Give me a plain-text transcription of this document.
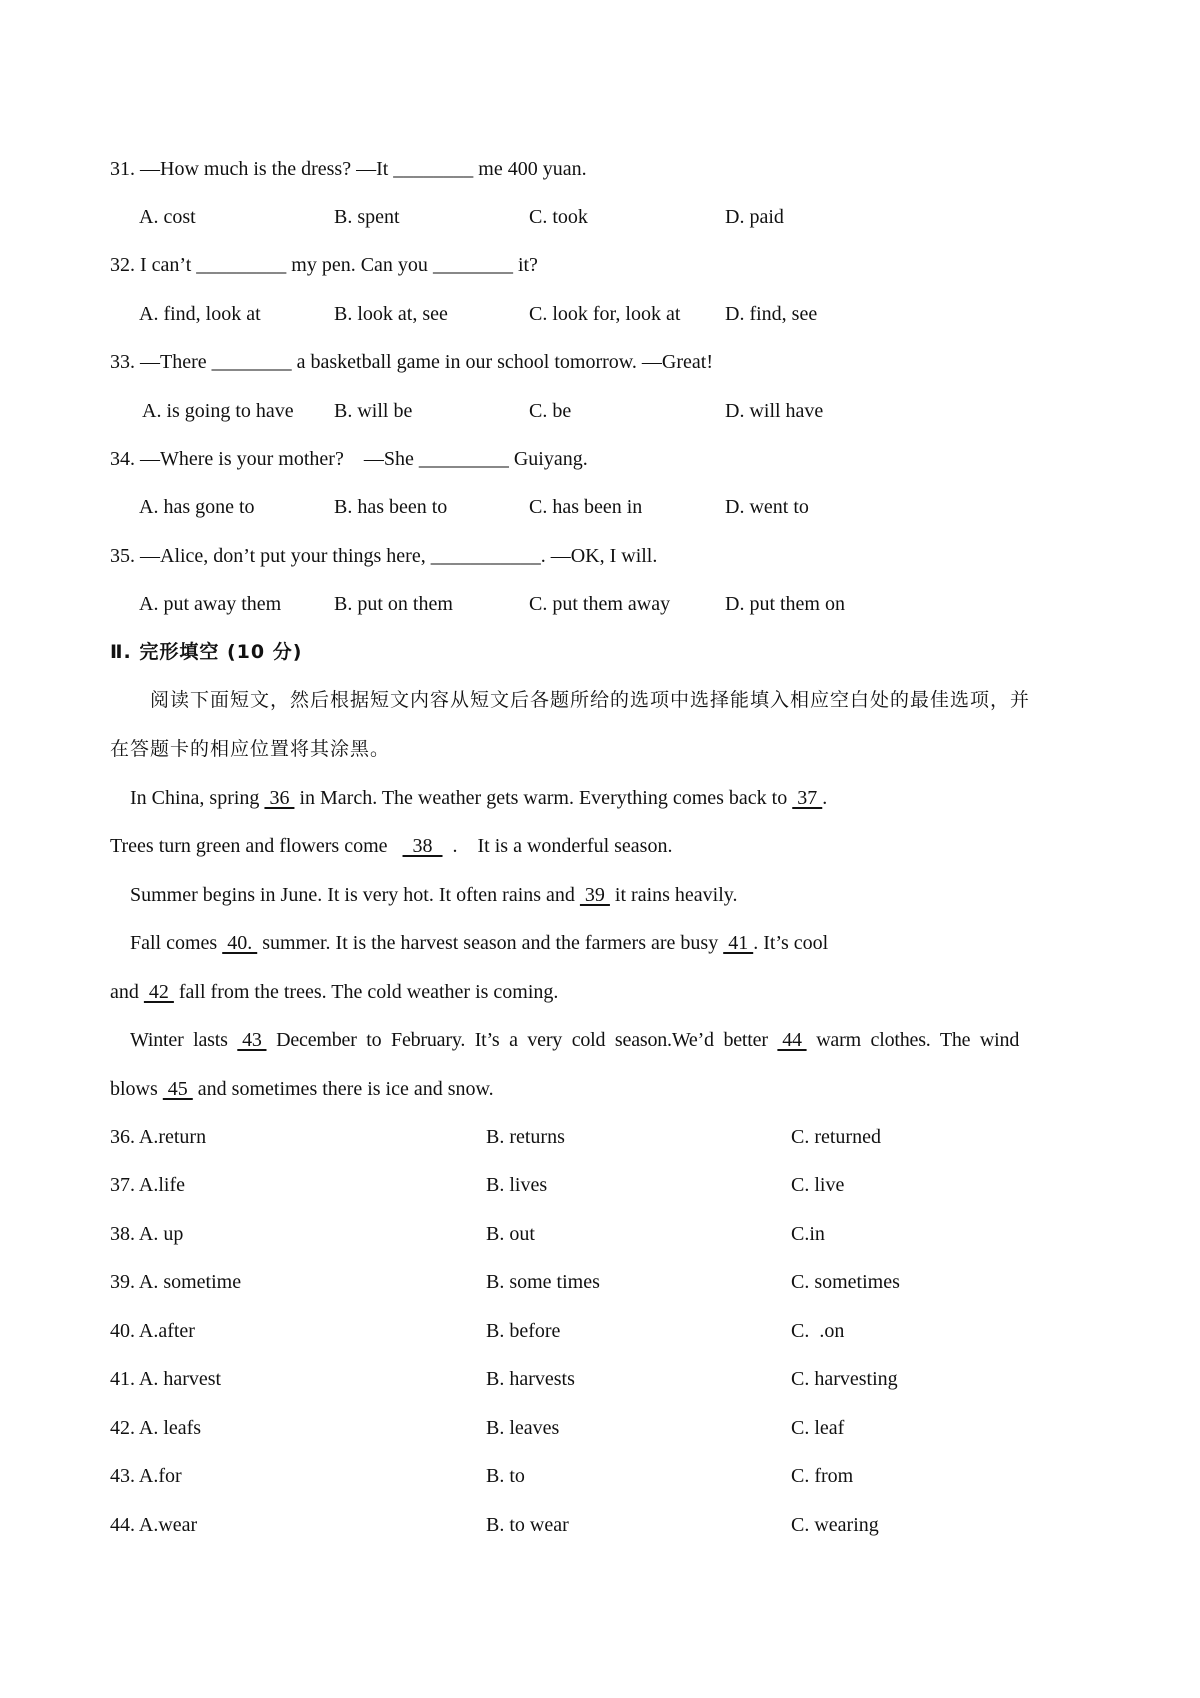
31. —How much is the dress? —It ________ me 400 yuan.
A. cost	B. spent	C. took	D. paid
32. I can’t _________ my pen. Can you ________ it?
A. find, look at	B. look at, see	C. look for, look at D. find, see
33. —There ________ a basketball game in our school tomorrow. —Great!
A. is going to have B. will be	C. be	D. will have
34. —Where is your mother?    —She _________ Guiyang.
A. has gone to	B. has been to	C. has been in	D. went to
35. —Alice, don’t put your things here, ___________. —OK, I will.
A. put away them	B. put on them	C. put them away	D. put them on
Ⅱ. 完形填空 (10 分)
阅读下面短文，然后根据短文内容从短文后各题所给的选项中选择能填入相应空白处的最佳选项，并
在答题卡的相应位置将其涂黑。
In China, spring  36  in March. The weather gets warm. Everything comes back to  37 .
Trees turn green and flowers come     38    .    It is a wonderful season.
Summer begins in June. It is very hot. It often rains and  39  it rains heavily.
Fall comes  40.  summer. It is the harvest season and the farmers are busy  41 . It’s cool
and  42  fall from the trees. The cold weather is coming.
Winter  lasts   43   December  to  February.  It’s  a  very  cold  season.We’d  better   44   warm  clothes.  The  wind
blows  45  and sometimes there is ice and snow.
36. A.return	B. returns	C. returned
37. A.life	B. lives	C. live
38. A. up	B. out	C.in
39. A. sometime	B. some times	C. sometimes
40. A.after	B. before	C.  .on
41. A. harvest	B. harvests	C. harvesting
42. A. leafs	B. leaves	C. leaf
43. A.for	B. to	C. from
44. A.wear	B. to wear	C. wearing
